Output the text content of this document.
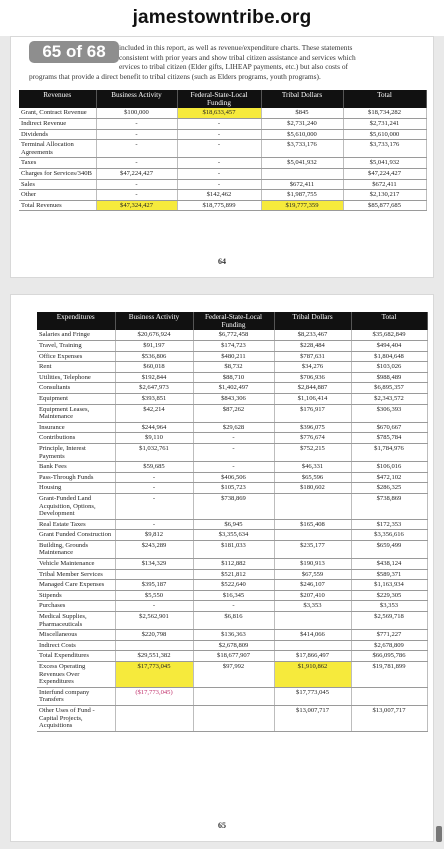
jamestowntribe.org
included in this report, as well as revenue/expenditure charts. These statements
consistent with prior years and show tribal citizen assistance and services which
ervices to tribal citizen (Elder gifts, LIHEAP payments, etc.) but also costs of
programs that provide a direct benefit to tribal citizens (such as Elders programs, youth programs).
65 of 68
Revenues	Business Activity	Federal-State-Local Funding	Tribal Dollars	Total
Grant, Contract Revenue	$100,000	$18,633,457	$845	$18,734,282
Indirect Revenue	-	-	$2,731,240	$2,731,241
Dividends	-	-	$5,610,000	$5,610,000
Terminal Allocation Agreements	-	-	$3,733,176	$3,733,176
Taxes	-	-	$5,041,932	$5,041,932
Charges for Services/340B	$47,224,427	-		$47,224,427
Sales	-	-	$672,411	$672,411
Other	-	$142,462	$1,987,755	$2,130,217
Total Revenues	$47,324,427	$18,775,899	$19,777,359	$85,877,685
64
Expenditures	Business Activity	Federal-State-Local Funding	Tribal Dollars	Total
Salaries and Fringe	$20,676,924	$6,772,458	$8,233,467	$35,682,849
Travel, Training	$91,197	$174,723	$228,484	$494,404
Office Expenses	$536,806	$480,211	$787,631	$1,804,648
Rent	$60,018	$8,732	$34,276	$103,026
Utilities, Telephone	$192,844	$88,710	$706,936	$988,489
Consultants	$2,647,973	$1,402,497	$2,844,887	$6,895,357
Equipment	$393,851	$843,306	$1,106,414	$2,343,572
Equipment Leases, Maintenance	$42,214	$87,262	$176,917	$306,393
Insurance	$244,964	$29,628	$396,075	$670,667
Contributions	$9,110	-	$776,674	$785,784
Principle, Interest Payments	$1,032,761	-	$752,215	$1,784,976
Bank Fees	$59,685	-	$46,331	$106,016
Pass-Through Funds	-	$406,506	$65,596	$472,102
Housing	-	$105,723	$180,602	$286,325
Grant-Funded Land Acquisition, Options, Development	-	$738,869		$738,869
Real Estate Taxes	-	$6,945	$165,408	$172,353
Grant Funded Construction	$9,812	$3,355,634		$3,356,616
Building, Grounds Maintenance	$243,289	$181,033	$235,177	$659,499
Vehicle Maintenance	$134,329	$112,882	$190,913	$438,124
Tribal Member Services		$521,812	$67,559	$589,371
Managed Care Expenses	$395,187	$522,640	$246,107	$1,163,934
Stipends	$5,550	$16,345	$207,410	$229,305
Purchases	-	-	$3,353	$3,353
Medical Supplies, Pharmaceuticals	$2,562,901	$6,816		$2,569,718
Miscellaneous	$220,798	$136,363	$414,066	$771,227
Indirect Costs		$2,678,809		$2,678,809
Total Expenditures	$29,551,382	$18,677,907	$17,866,497	$66,095,786
Excess Operating Revenues Over Expenditures	$17,773,045	$97,992	$1,910,862	$19,781,899
Interfund company Transfers	($17,773,045)		$17,773,045	
Other Uses of Fund - Capital Projects, Acquisitions			$13,007,717	$13,007,717
65
